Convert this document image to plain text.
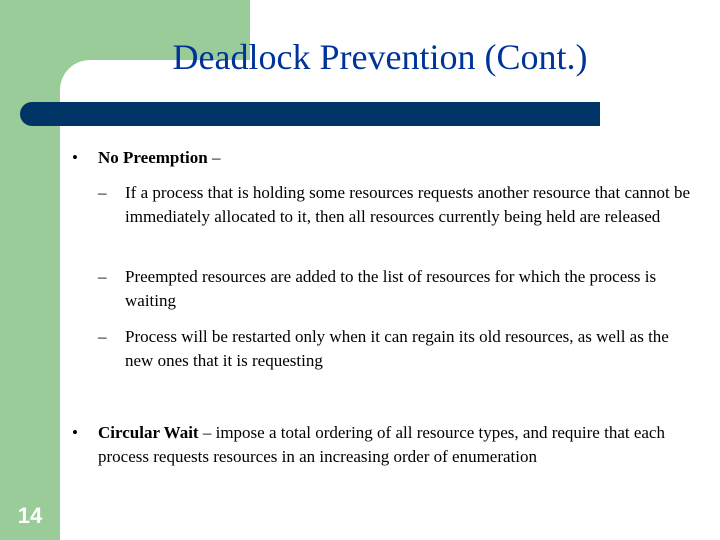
Deadlock Prevention (Cont.)
14
• No Preemption –
– If a process that is holding some resources requests another resource that cannot be immediately allocated to it, then all resources currently being held are released
– Preempted resources are added to the list of resources for which the process is waiting
– Process will be restarted only when it can regain its old resources, as well as the new ones that it is requesting
• Circular Wait – impose a total ordering of all resource types, and require that each process requests resources in an increasing order of enumeration
